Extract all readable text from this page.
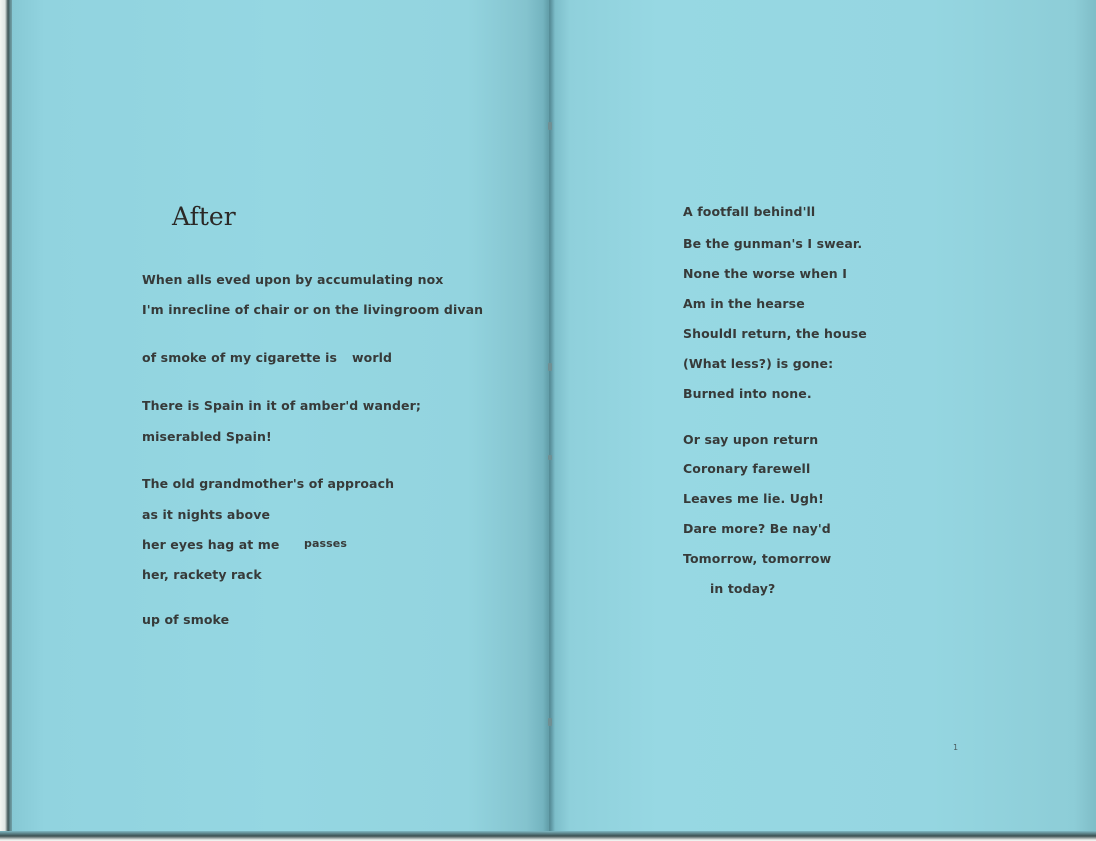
After
When alls eved upon by accumulating nox
I'm inrecline of chair or on the livingroom divan
of smoke of my cigarette is world
There is Spain in it of amber'd wander;
miserabled Spain!
The old grandmother's of approach
as it nights above
her eyes hag at me passes
her, rackety rack
up of smoke
A footfall behind'll
Be the gunman's I swear.
None the worse when I
Am in the hearse
ShouldI return, the house
(What less?) is gone:
Burned into none.
Or say upon return
Coronary farewell
Leaves me lie. Ugh!
Dare more? Be nay'd
Tomorrow, tomorrow
in today?
1
